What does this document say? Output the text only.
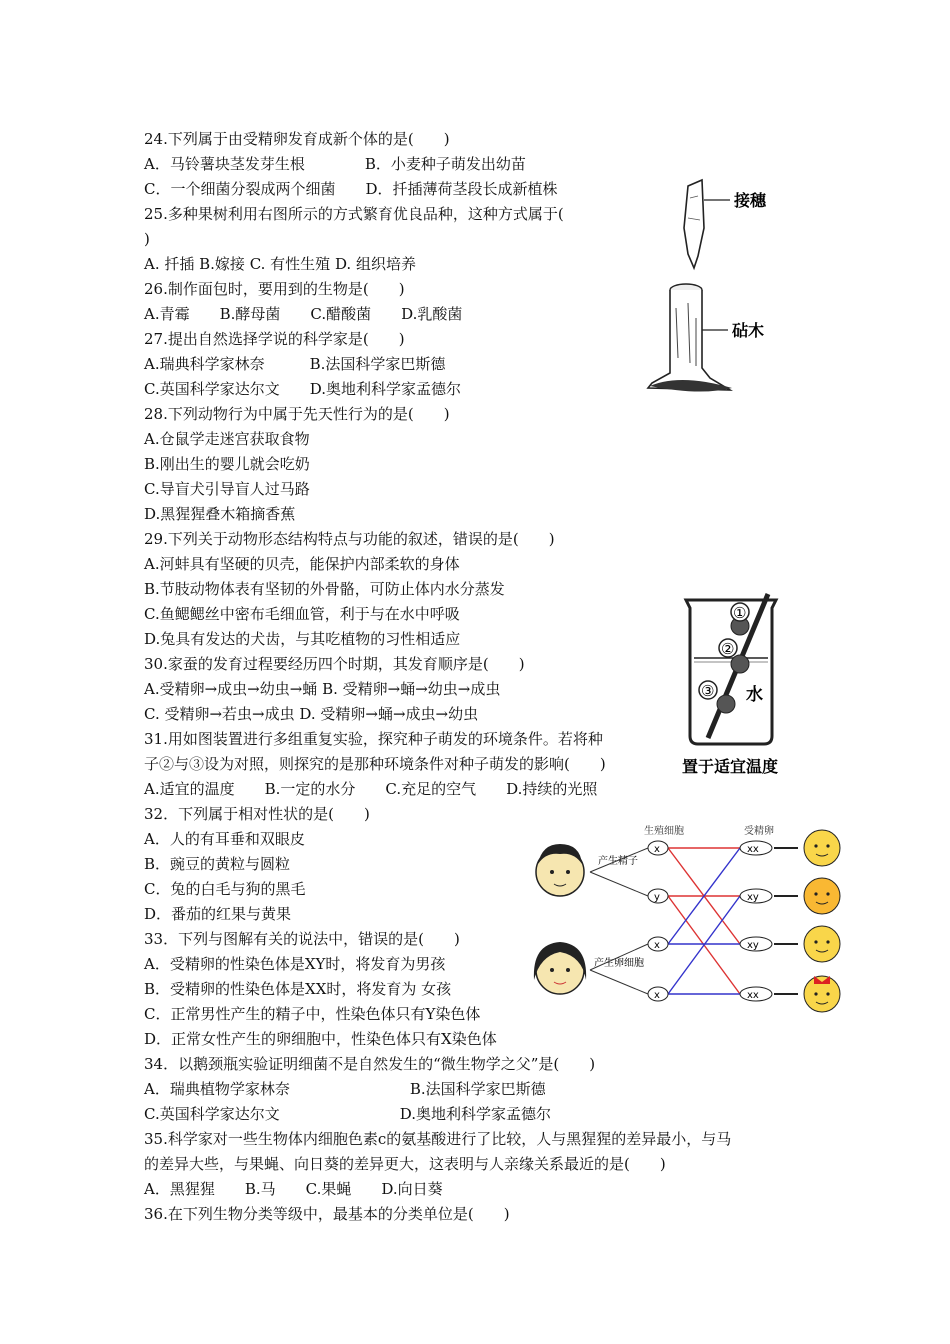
24.下列属于由受精卵发育成新个体的是(　　)
A．马铃薯块茎发芽生根　　　　B．小麦种子萌发出幼苗
C．一个细菌分裂成两个细菌　　D．扦插薄荷茎段长成新植株
25.多种果树利用右图所示的方式繁育优良品种，这种方式属于(
)
A. 扦插 B.嫁接 C. 有性生殖 D. 组织培养
26.制作面包时，要用到的生物是(　　)
A.青霉　　B.酵母菌　　C.醋酸菌　　D.乳酸菌
27.提出自然选择学说的科学家是(　　)
A.瑞典科学家林奈　　　B.法国科学家巴斯德
C.英国科学家达尔文　　D.奥地利科学家孟德尔
28.下列动物行为中属于先天性行为的是(　　)
A.仓鼠学走迷宫获取食物
B.刚出生的婴儿就会吃奶
C.导盲犬引导盲人过马路
D.黑猩猩叠木箱摘香蕉
29.下列关于动物形态结构特点与功能的叙述，错误的是(　　)
A.河蚌具有坚硬的贝壳，能保护内部柔软的身体
B.节肢动物体表有坚韧的外骨骼，可防止体内水分蒸发
C.鱼鳃鳃丝中密布毛细血管，利于与在水中呼吸
D.兔具有发达的犬齿，与其吃植物的习性相适应
30.家蚕的发育过程要经历四个时期，其发育顺序是(　　)
A.受精卵→成虫→幼虫→蛹 B. 受精卵→蛹→幼虫→成虫
C. 受精卵→若虫→成虫 D. 受精卵→蛹→成虫→幼虫
31.用如图装置进行多组重复实验，探究种子萌发的环境条件。若将种
子②与③设为对照，则探究的是那种环境条件对种子萌发的影响(　　)
A.适宜的温度　　B.一定的水分　　C.充足的空气　　D.持续的光照
32．下列属于相对性状的是(　　)
A．人的有耳垂和双眼皮
B．豌豆的黄粒与圆粒
C．兔的白毛与狗的黑毛
D．番茄的红果与黄果
33．下列与图解有关的说法中，错误的是(　　)
A．受精卵的性染色体是XY时，将发育为男孩
B．受精卵的性染色体是XX时，将发育为 女孩
C．正常男性产生的精子中，性染色体只有Y染色体
D．正常女性产生的卵细胞中，性染色体只有X染色体
34．以鹅颈瓶实验证明细菌不是自然发生的“微生物学之父”是(　　)
A．瑞典植物学家林奈　　　　　　　　B.法国科学家巴斯德
C.英国科学家达尔文　　　　　　　　D.奥地利科学家孟德尔
35.科学家对一些生物体内细胞色素c的氨基酸进行了比较，人与黑猩猩的差异最小，与马
的差异大些，与果蝇、向日葵的差异更大，这表明与人亲缘关系最近的是(　　)
A．黑猩猩　　B.马　　C.果蝇　　D.向日葵
36.在下列生物分类等级中，最基本的分类单位是(　　)
接穗
砧木
①
②
③ 水
置于适宜温度
生殖细胞	受精卵
产生精子
产生卵细胞
x
y
x
x
xx
xy
xy
xx
